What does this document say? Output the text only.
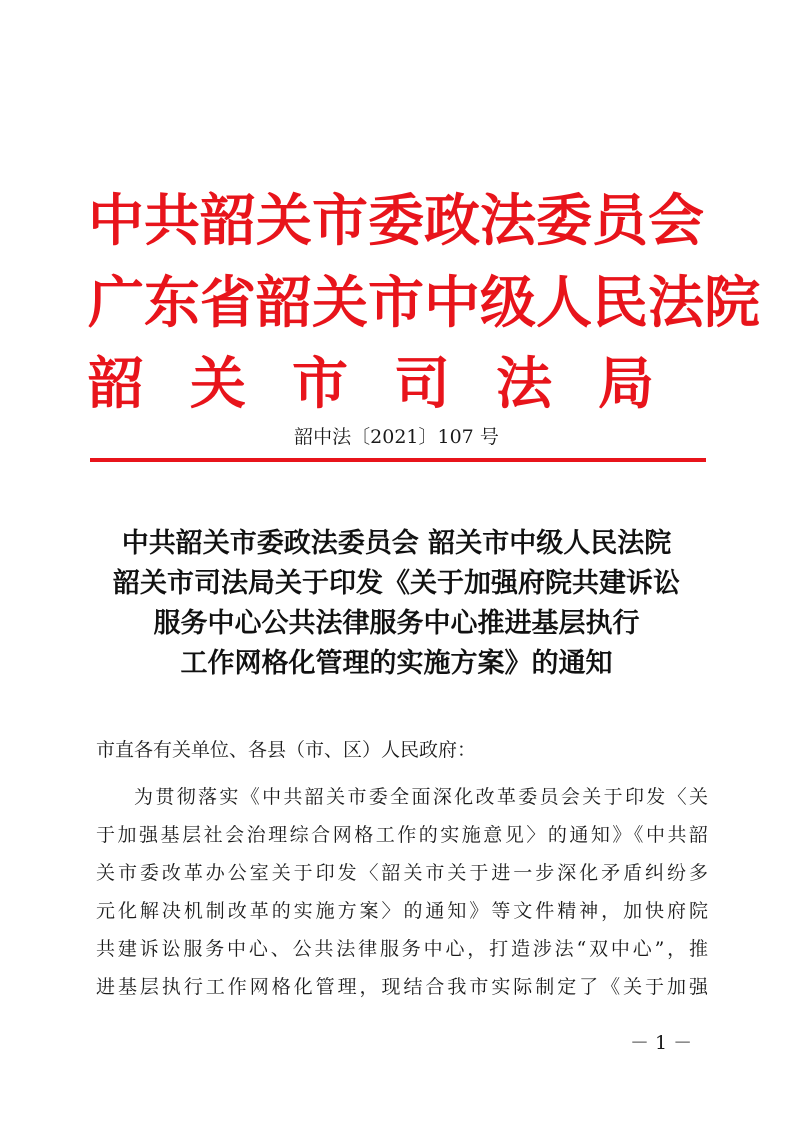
中共韶关市委政法委员会
广东省韶关市中级人民法院
韶关市司法局
韶中法〔2021〕107 号
中共韶关市委政法委员会 韶关市中级人民法院
韶关市司法局关于印发《关于加强府院共建诉讼
服务中心公共法律服务中心推进基层执行
工作网格化管理的实施方案》的通知
市直各有关单位、各县（市、区）人民政府：
为贯彻落实《中共韶关市委全面深化改革委员会关于印发〈关
于加强基层社会治理综合网格工作的实施意见〉的通知》《中共韶
关市委改革办公室关于印发〈韶关市关于进一步深化矛盾纠纷多
元化解决机制改革的实施方案〉的通知》等文件精神，加快府院
共建诉讼服务中心、公共法律服务中心，打造涉法“双中心”，推
进基层执行工作网格化管理，现结合我市实际制定了《关于加强
－ 1 －
